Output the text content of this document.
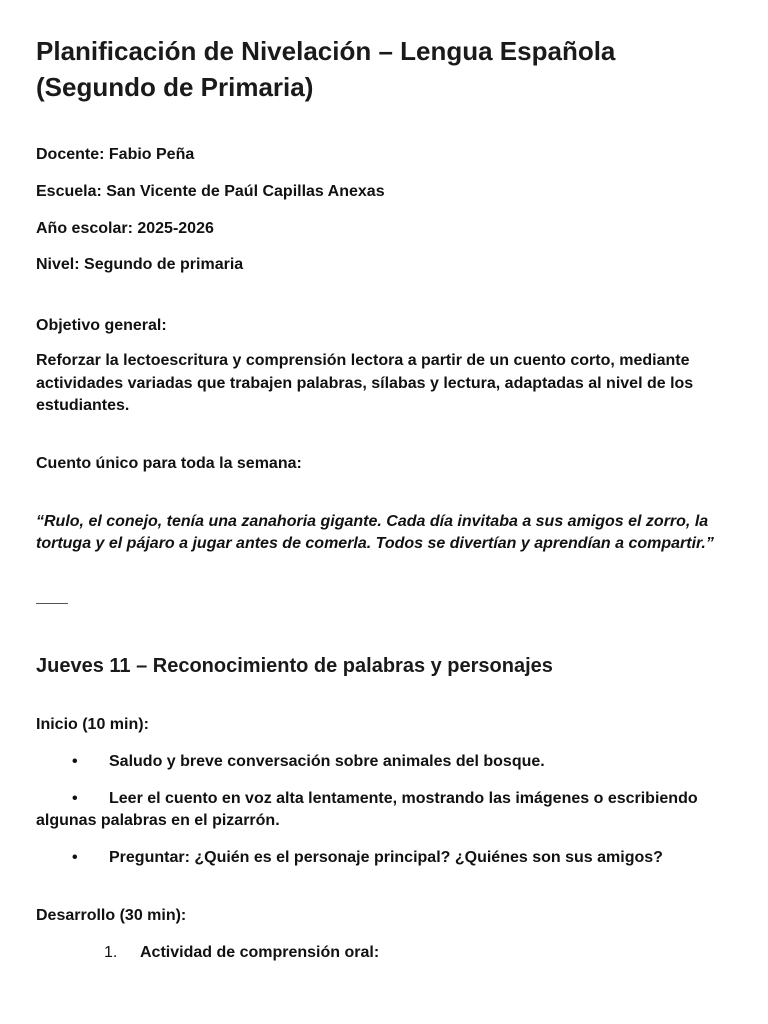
Planificación de Nivelación – Lengua Española (Segundo de Primaria)

Docente: Fabio Peña

Escuela: San Vicente de Paúl Capillas Anexas

Año escolar: 2025-2026

Nivel: Segundo de primaria

Objetivo general:

Reforzar la lectoescritura y comprensión lectora a partir de un cuento corto, mediante actividades variadas que trabajen palabras, sílabas y lectura, adaptadas al nivel de los estudiantes.

Cuento único para toda la semana:

“Rulo, el conejo, tenía una zanahoria gigante. Cada día invitaba a sus amigos el zorro, la tortuga y el pájaro a jugar antes de comerla. Todos se divertían y aprendían a compartir.”

Jueves 11 – Reconocimiento de palabras y personajes

Inicio (10 min):

• Saludo y breve conversación sobre animales del bosque.

• Leer el cuento en voz alta lentamente, mostrando las imágenes o escribiendo algunas palabras en el pizarrón.

• Preguntar: ¿Quién es el personaje principal? ¿Quiénes son sus amigos?

Desarrollo (30 min):

1. Actividad de comprensión oral:
